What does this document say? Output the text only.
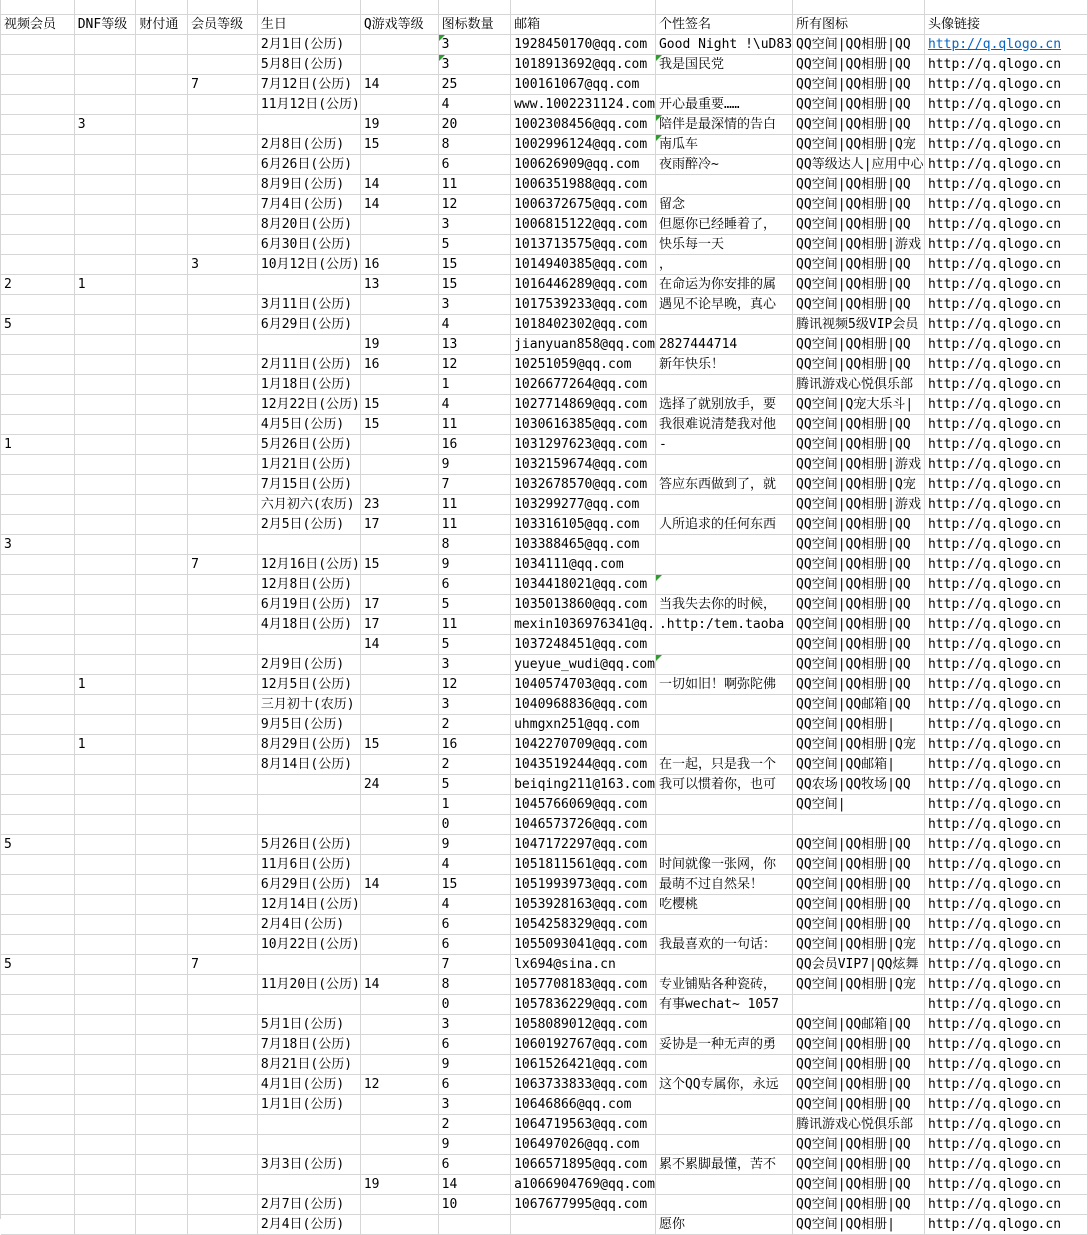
视频会员	DNF等级	财付通	会员等级	生日	Q游戏等级	图标数量	邮箱	个性签名	所有图标	头像链接
				2月1日(公历)		3	1928450170@qq.com	Good Night !\uD83	QQ空间|QQ相册|QQ	http://q.qlogo.cn
				5月8日(公历)		3	1018913692@qq.com	我是国民党	QQ空间|QQ相册|QQ	http://q.qlogo.cn
			7	7月12日(公历)	14	25	100161067@qq.com		QQ空间|QQ相册|QQ	http://q.qlogo.cn
				11月12日(公历)		4	www.1002231124.com	开心最重要……	QQ空间|QQ相册|QQ	http://q.qlogo.cn
	3				19	20	1002308456@qq.com	陪伴是最深情的告白	QQ空间|QQ相册|QQ	http://q.qlogo.cn
				2月8日(公历)	15	8	1002996124@qq.com	南瓜车	QQ空间|QQ相册|Q宠	http://q.qlogo.cn
				6月26日(公历)		6	100626909@qq.com	夜雨醉冷~	QQ等级达人|应用中心	http://q.qlogo.cn
				8月9日(公历)	14	11	1006351988@qq.com		QQ空间|QQ相册|QQ	http://q.qlogo.cn
				7月4日(公历)	14	12	1006372675@qq.com	留念	QQ空间|QQ相册|QQ	http://q.qlogo.cn
				8月20日(公历)		3	1006815122@qq.com	但愿你已经睡着了，	QQ空间|QQ相册|QQ	http://q.qlogo.cn
				6月30日(公历)		5	1013713575@qq.com	快乐每一天	QQ空间|QQ相册|游戏	http://q.qlogo.cn
			3	10月12日(公历)	16	15	1014940385@qq.com	，	QQ空间|QQ相册|QQ	http://q.qlogo.cn
2	1				13	15	1016446289@qq.com	在命运为你安排的属	QQ空间|QQ相册|QQ	http://q.qlogo.cn
				3月11日(公历)		3	1017539233@qq.com	遇见不论早晚，真心	QQ空间|QQ相册|QQ	http://q.qlogo.cn
5				6月29日(公历)		4	1018402302@qq.com		腾讯视频5级VIP会员	http://q.qlogo.cn
					19	13	jianyuan858@qq.com	2827444714	QQ空间|QQ相册|QQ	http://q.qlogo.cn
				2月11日(公历)	16	12	10251059@qq.com	新年快乐！	QQ空间|QQ相册|QQ	http://q.qlogo.cn
				1月18日(公历)		1	1026677264@qq.com		腾讯游戏心悦俱乐部	http://q.qlogo.cn
				12月22日(公历)	15	4	1027714869@qq.com	选择了就别放手，要	QQ空间|Q宠大乐斗|	http://q.qlogo.cn
				4月5日(公历)	15	11	1030616385@qq.com	我很难说清楚我对他	QQ空间|QQ相册|QQ	http://q.qlogo.cn
1				5月26日(公历)		16	1031297623@qq.com	-	QQ空间|QQ相册|QQ	http://q.qlogo.cn
				1月21日(公历)		9	1032159674@qq.com		QQ空间|QQ相册|游戏	http://q.qlogo.cn
				7月15日(公历)		7	1032678570@qq.com	答应东西做到了，就	QQ空间|QQ相册|Q宠	http://q.qlogo.cn
				六月初六(农历)	23	11	103299277@qq.com		QQ空间|QQ相册|游戏	http://q.qlogo.cn
				2月5日(公历)	17	11	103316105@qq.com	人所追求的任何东西	QQ空间|QQ相册|QQ	http://q.qlogo.cn
3						8	103388465@qq.com		QQ空间|QQ相册|QQ	http://q.qlogo.cn
			7	12月16日(公历)	15	9	1034111@qq.com		QQ空间|QQ相册|QQ	http://q.qlogo.cn
				12月8日(公历)		6	1034418021@qq.com		QQ空间|QQ相册|QQ	http://q.qlogo.cn
				6月19日(公历)	17	5	1035013860@qq.com	当我失去你的时候，	QQ空间|QQ相册|QQ	http://q.qlogo.cn
				4月18日(公历)	17	11	mexin1036976341@q.	.http:/tem.taoba	QQ空间|QQ相册|QQ	http://q.qlogo.cn
					14	5	1037248451@qq.com		QQ空间|QQ相册|QQ	http://q.qlogo.cn
				2月9日(公历)		3	yueyue_wudi@qq.com		QQ空间|QQ相册|QQ	http://q.qlogo.cn
	1			12月5日(公历)		12	1040574703@qq.com	一切如旧！啊弥陀佛	QQ空间|QQ相册|QQ	http://q.qlogo.cn
				三月初十(农历)		3	1040968836@qq.com		QQ空间|QQ邮箱|QQ	http://q.qlogo.cn
				9月5日(公历)		2	uhmgxn251@qq.com		QQ空间|QQ相册|	http://q.qlogo.cn
	1			8月29日(公历)	15	16	1042270709@qq.com		QQ空间|QQ相册|Q宠	http://q.qlogo.cn
				8月14日(公历)		2	1043519244@qq.com	在一起，只是我一个	QQ空间|QQ邮箱|	http://q.qlogo.cn
					24	5	beiqing211@163.com	我可以惯着你，也可	QQ农场|QQ牧场|QQ	http://q.qlogo.cn
						1	1045766069@qq.com		QQ空间|	http://q.qlogo.cn
						0	1046573726@qq.com			http://q.qlogo.cn
5				5月26日(公历)		9	1047172297@qq.com		QQ空间|QQ相册|QQ	http://q.qlogo.cn
				11月6日(公历)		4	1051811561@qq.com	时间就像一张网，你	QQ空间|QQ相册|QQ	http://q.qlogo.cn
				6月29日(公历)	14	15	1051993973@qq.com	最萌不过自然呆！	QQ空间|QQ相册|QQ	http://q.qlogo.cn
				12月14日(公历)		4	1053928163@qq.com	吃樱桃	QQ空间|QQ相册|QQ	http://q.qlogo.cn
				2月4日(公历)		6	1054258329@qq.com		QQ空间|QQ相册|QQ	http://q.qlogo.cn
				10月22日(公历)		6	1055093041@qq.com	我最喜欢的一句话：	QQ空间|QQ相册|Q宠	http://q.qlogo.cn
5			7			7	lx694@sina.cn		QQ会员VIP7|QQ炫舞	http://q.qlogo.cn
				11月20日(公历)	14	8	1057708183@qq.com	专业铺贴各种瓷砖，	QQ空间|QQ相册|Q宠	http://q.qlogo.cn
						0	1057836229@qq.com	有事wechat~ 1057		http://q.qlogo.cn
				5月1日(公历)		3	1058089012@qq.com		QQ空间|QQ邮箱|QQ	http://q.qlogo.cn
				7月18日(公历)		6	1060192767@qq.com	妥协是一种无声的勇	QQ空间|QQ相册|QQ	http://q.qlogo.cn
				8月21日(公历)		9	1061526421@qq.com		QQ空间|QQ相册|QQ	http://q.qlogo.cn
				4月1日(公历)	12	6	1063733833@qq.com	这个QQ专属你，永远	QQ空间|QQ相册|QQ	http://q.qlogo.cn
				1月1日(公历)		3	10646866@qq.com		QQ空间|QQ相册|QQ	http://q.qlogo.cn
						2	1064719563@qq.com		腾讯游戏心悦俱乐部	http://q.qlogo.cn
						9	106497026@qq.com		QQ空间|QQ相册|QQ	http://q.qlogo.cn
				3月3日(公历)		6	1066571895@qq.com	累不累脚最懂，苦不	QQ空间|QQ相册|QQ	http://q.qlogo.cn
					19	14	a1066904769@qq.com		QQ空间|QQ相册|QQ	http://q.qlogo.cn
				2月7日(公历)		10	1067677995@qq.com		QQ空间|QQ相册|QQ	http://q.qlogo.cn
				2月4日(公历)				愿你	QQ空间|QQ相册|	http://q.qlogo.cn
